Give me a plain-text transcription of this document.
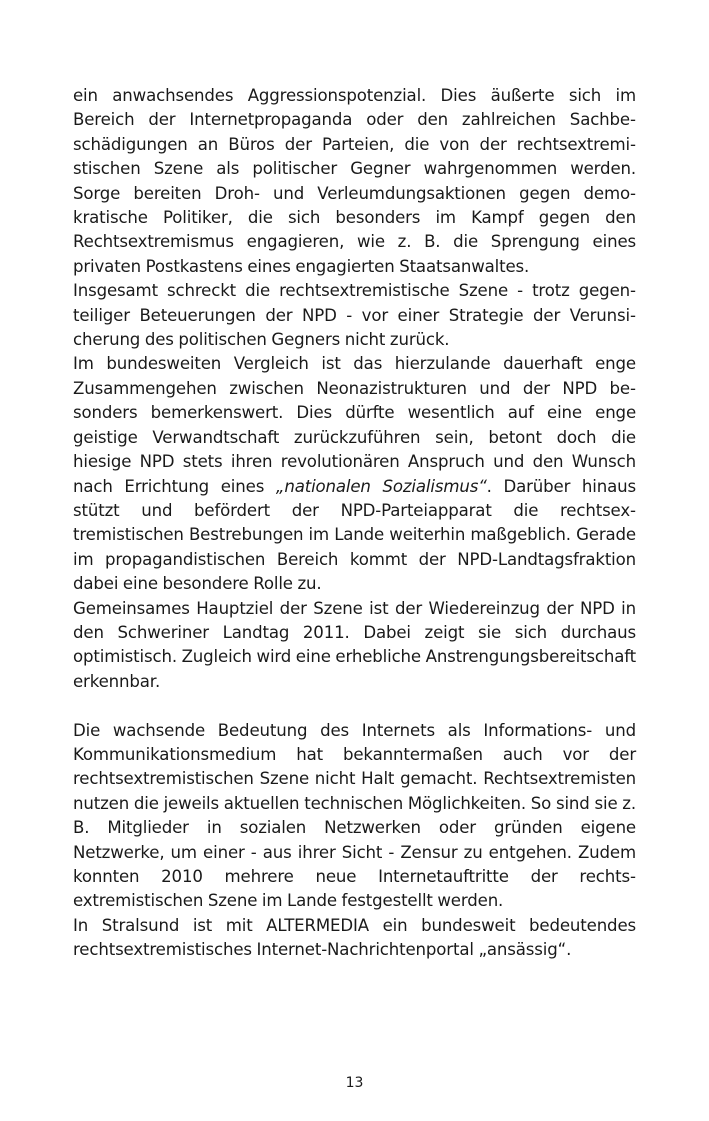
ein anwachsendes Aggressionspotenzial. Dies äußerte sich im Bereich der Internetpropaganda oder den zahlreichen Sachbeschädigungen an Büros der Parteien, die von der rechtsextremistischen Szene als politischer Gegner wahrgenommen werden. Sorge bereiten Droh- und Verleumdungsaktionen gegen demokratische Politiker, die sich besonders im Kampf gegen den Rechtsextremismus engagieren, wie z. B. die Sprengung eines privaten Postkastens eines engagierten Staatsanwaltes.

Insgesamt schreckt die rechtsextremistische Szene - trotz gegenteiliger Beteuerungen der NPD - vor einer Strategie der Verunsicherung des politischen Gegners nicht zurück.

Im bundesweiten Vergleich ist das hierzulande dauerhaft enge Zusammengehen zwischen Neonazistrukturen und der NPD besonders bemerkenswert. Dies dürfte wesentlich auf eine enge geistige Verwandtschaft zurückzuführen sein, betont doch die hiesige NPD stets ihren revolutionären Anspruch und den Wunsch nach Errichtung eines „nationalen Sozialismus“. Darüber hinaus stützt und befördert der NPD-Parteiapparat die rechtsextremistischen Bestrebungen im Lande weiterhin maßgeblich. Gerade im propagandistischen Bereich kommt der NPD-Landtagsfraktion dabei eine besondere Rolle zu.

Gemeinsames Hauptziel der Szene ist der Wiedereinzug der NPD in den Schweriner Landtag 2011. Dabei zeigt sie sich durchaus optimistisch. Zugleich wird eine erhebliche Anstrengungsbereitschaft erkennbar.

Die wachsende Bedeutung des Internets als Informations- und Kommunikationsmedium hat bekanntermaßen auch vor der rechtsextremistischen Szene nicht Halt gemacht. Rechtsextremisten nutzen die jeweils aktuellen technischen Möglichkeiten. So sind sie z. B. Mitglieder in sozialen Netzwerken oder gründen eigene Netzwerke, um einer - aus ihrer Sicht - Zensur zu entgehen. Zudem konnten 2010 mehrere neue Internetauftritte der rechtsextremistischen Szene im Lande festgestellt werden.

In Stralsund ist mit ALTERMEDIA ein bundesweit bedeutendes rechtsextremistisches Internet-Nachrichtenportal „ansässig“.

13
